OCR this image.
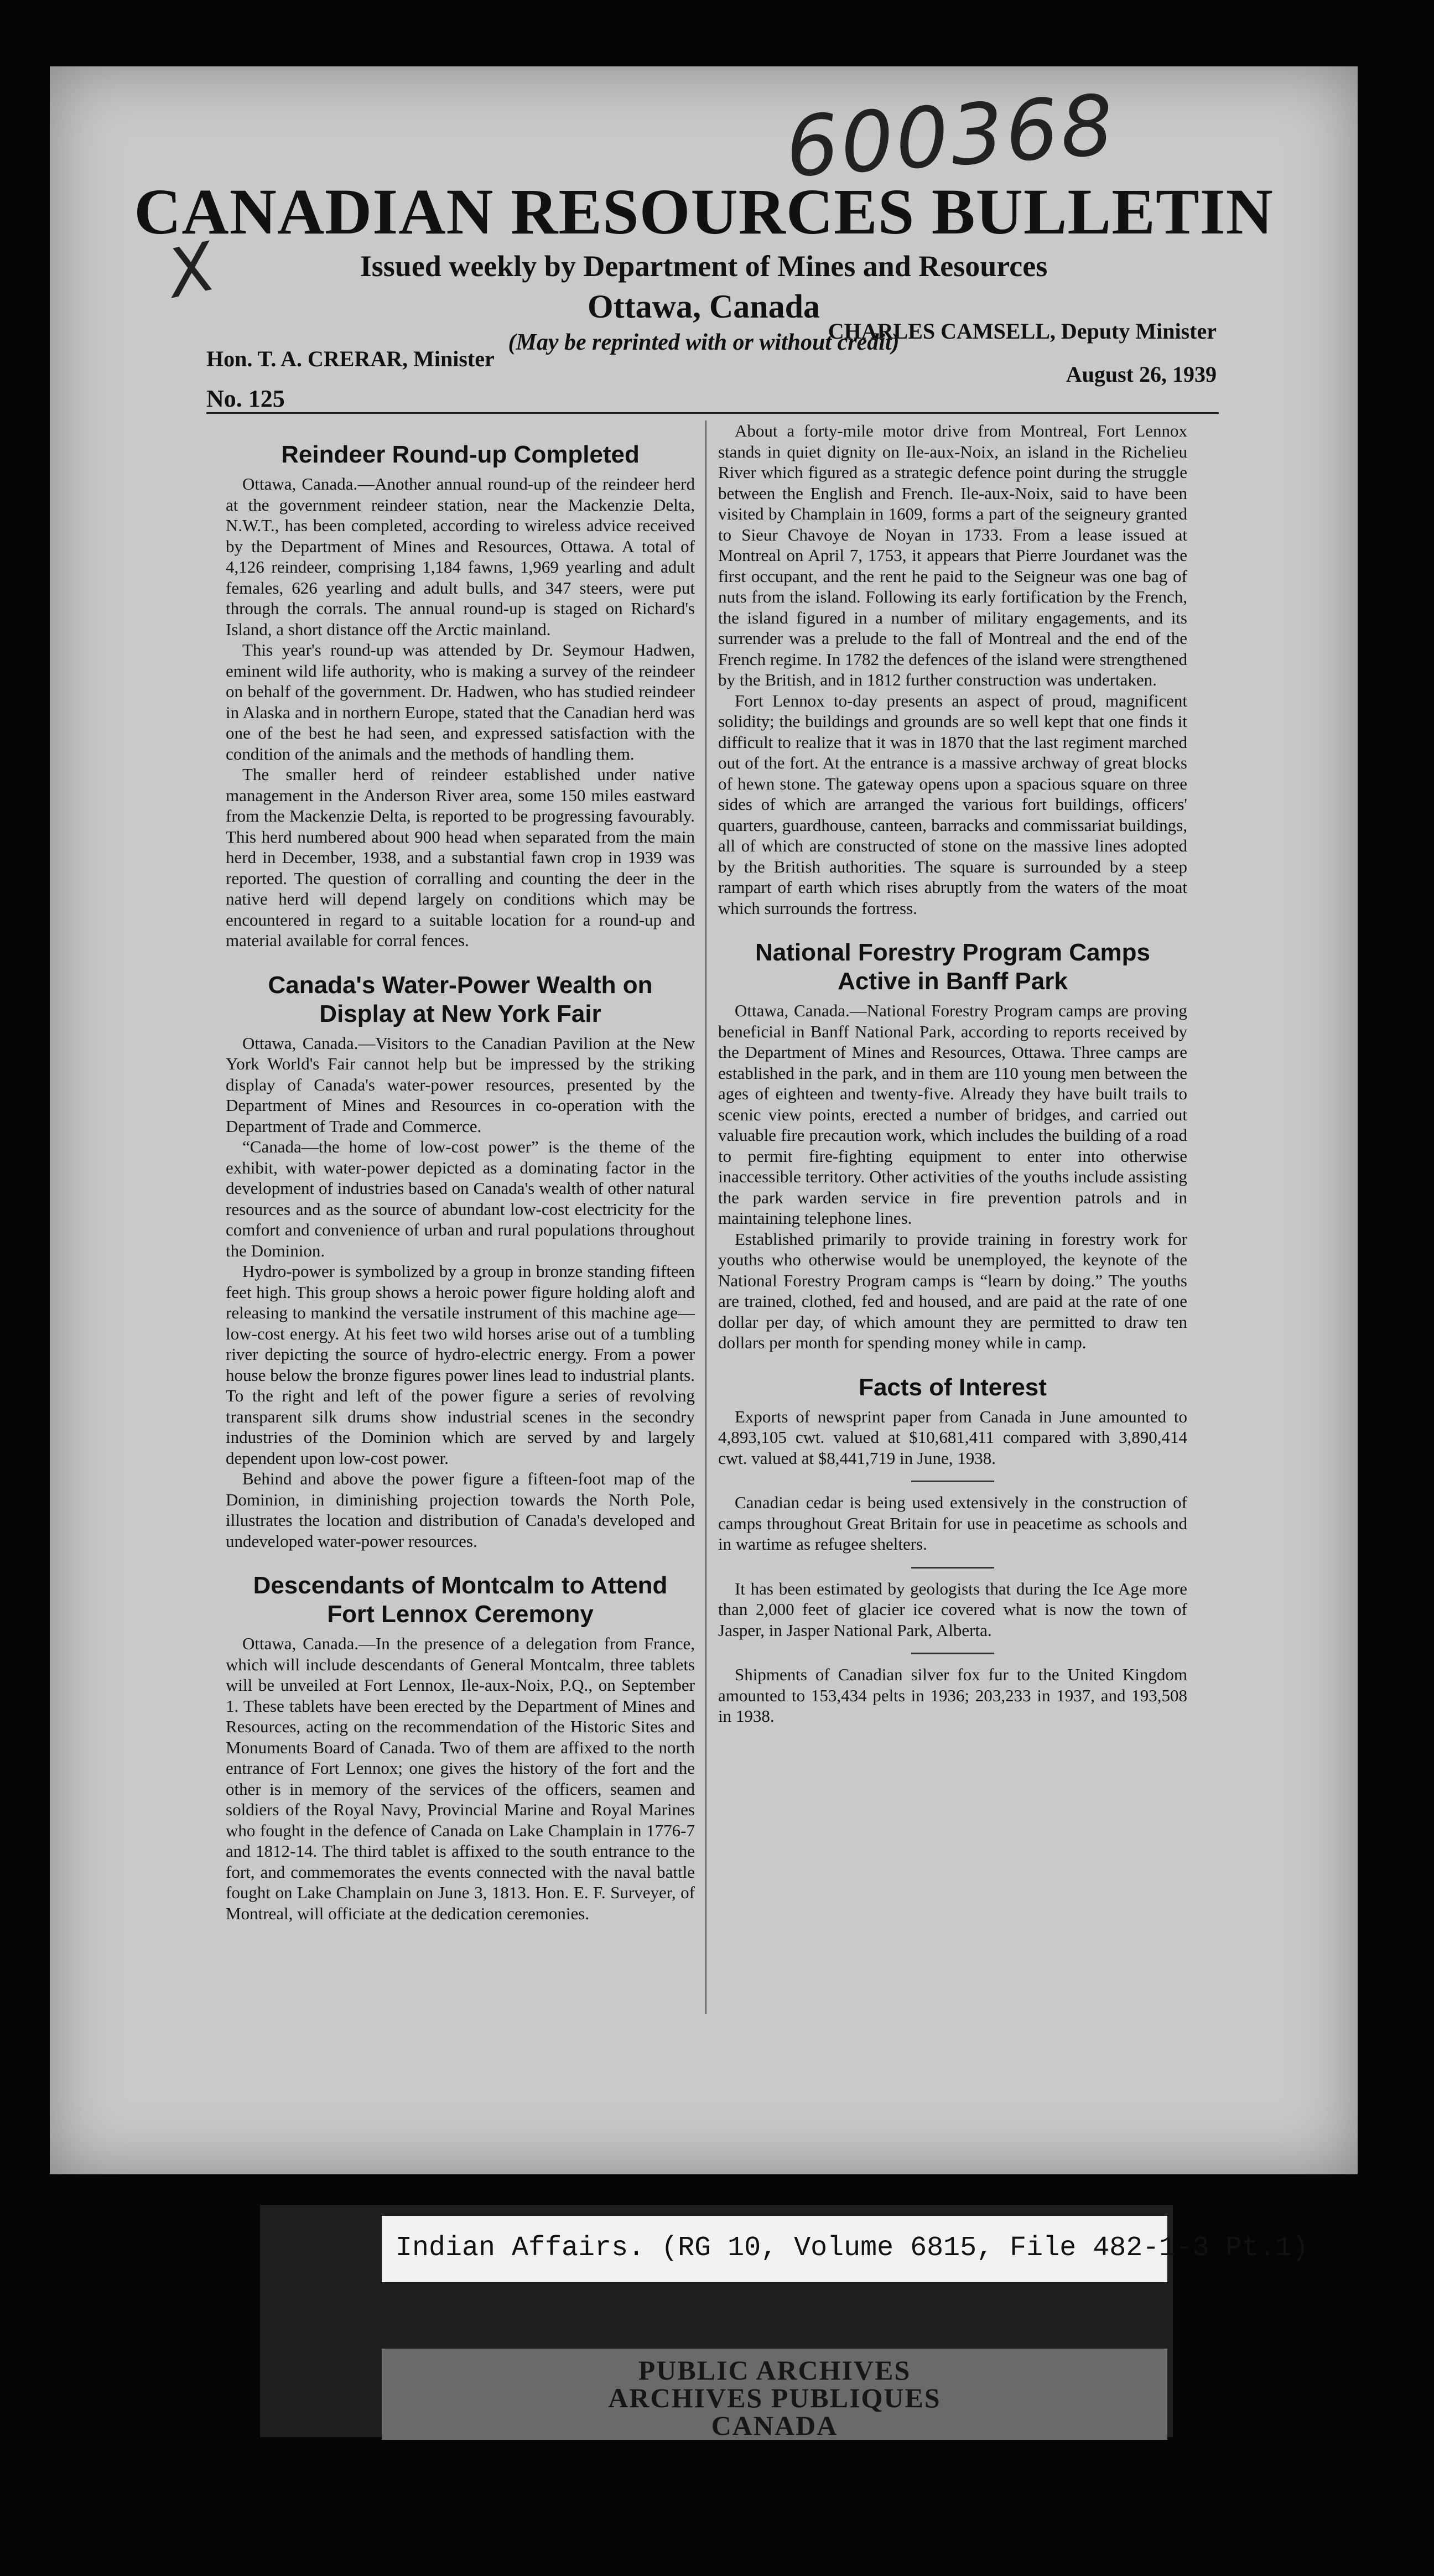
600368
X
CANADIAN RESOURCES BULLETIN
Issued weekly by Department of Mines and Resources
Ottawa, Canada
(May be reprinted with or without credit)
Hon. T. A. CRERAR, Minister
CHARLES CAMSELL, Deputy Minister
No. 125
August 26, 1939
Reindeer Round-up Completed

Ottawa, Canada.—Another annual round-up of the reindeer herd at the government reindeer station, near the Mackenzie Delta, N.W.T., has been completed, according to wireless advice received by the Department of Mines and Resources, Ottawa. A total of 4,126 reindeer, comprising 1,184 fawns, 1,969 yearling and adult females, 626 yearling and adult bulls, and 347 steers, were put through the corrals. The annual round-up is staged on Richard's Island, a short distance off the Arctic mainland.

This year's round-up was attended by Dr. Seymour Hadwen, eminent wild life authority, who is making a survey of the reindeer on behalf of the government. Dr. Hadwen, who has studied reindeer in Alaska and in northern Europe, stated that the Canadian herd was one of the best he had seen, and expressed satisfaction with the condition of the animals and the methods of handling them.

The smaller herd of reindeer established under native management in the Anderson River area, some 150 miles eastward from the Mackenzie Delta, is reported to be progressing favourably. This herd numbered about 900 head when separated from the main herd in December, 1938, and a substantial fawn crop in 1939 was reported. The question of corralling and counting the deer in the native herd will depend largely on conditions which may be encountered in regard to a suitable location for a round-up and material available for corral fences.

Canada's Water-Power Wealth on
Display at New York Fair

Ottawa, Canada.—Visitors to the Canadian Pavilion at the New York World's Fair cannot help but be impressed by the striking display of Canada's water-power resources, presented by the Department of Mines and Resources in co-operation with the Department of Trade and Commerce.

“Canada—the home of low-cost power” is the theme of the exhibit, with water-power depicted as a dominating factor in the development of industries based on Canada's wealth of other natural resources and as the source of abundant low-cost electricity for the comfort and convenience of urban and rural populations throughout the Dominion.

Hydro-power is symbolized by a group in bronze standing fifteen feet high. This group shows a heroic power figure holding aloft and releasing to mankind the versatile instrument of this machine age—low-cost energy. At his feet two wild horses arise out of a tumbling river depicting the source of hydro-electric energy. From a power house below the bronze figures power lines lead to industrial plants. To the right and left of the power figure a series of revolving transparent silk drums show industrial scenes in the secondry industries of the Dominion which are served by and largely dependent upon low-cost power.

Behind and above the power figure a fifteen-foot map of the Dominion, in diminishing projection towards the North Pole, illustrates the location and distribution of Canada's developed and undeveloped water-power resources.

Descendants of Montcalm to Attend
Fort Lennox Ceremony

Ottawa, Canada.—In the presence of a delegation from France, which will include descendants of General Montcalm, three tablets will be unveiled at Fort Lennox, Ile-aux-Noix, P.Q., on September 1. These tablets have been erected by the Department of Mines and Resources, acting on the recommendation of the Historic Sites and Monuments Board of Canada. Two of them are affixed to the north entrance of Fort Lennox; one gives the history of the fort and the other is in memory of the services of the officers, seamen and soldiers of the Royal Navy, Provincial Marine and Royal Marines who fought in the defence of Canada on Lake Champlain in 1776-7 and 1812-14. The third tablet is affixed to the south entrance to the fort, and commemorates the events connected with the naval battle fought on Lake Champlain on June 3, 1813. Hon. E. F. Surveyer, of Montreal, will officiate at the dedication ceremonies.

About a forty-mile motor drive from Montreal, Fort Lennox stands in quiet dignity on Ile-aux-Noix, an island in the Richelieu River which figured as a strategic defence point during the struggle between the English and French. Ile-aux-Noix, said to have been visited by Champlain in 1609, forms a part of the seigneury granted to Sieur Chavoye de Noyan in 1733. From a lease issued at Montreal on April 7, 1753, it appears that Pierre Jourdanet was the first occupant, and the rent he paid to the Seigneur was one bag of nuts from the island. Following its early fortification by the French, the island figured in a number of military engagements, and its surrender was a prelude to the fall of Montreal and the end of the French regime. In 1782 the defences of the island were strengthened by the British, and in 1812 further construction was undertaken.

Fort Lennox to-day presents an aspect of proud, magnificent solidity; the buildings and grounds are so well kept that one finds it difficult to realize that it was in 1870 that the last regiment marched out of the fort. At the entrance is a massive archway of great blocks of hewn stone. The gateway opens upon a spacious square on three sides of which are arranged the various fort buildings, officers' quarters, guardhouse, canteen, barracks and commissariat buildings, all of which are constructed of stone on the massive lines adopted by the British authorities. The square is surrounded by a steep rampart of earth which rises abruptly from the waters of the moat which surrounds the fortress.

National Forestry Program Camps
Active in Banff Park

Ottawa, Canada.—National Forestry Program camps are proving beneficial in Banff National Park, according to reports received by the Department of Mines and Resources, Ottawa. Three camps are established in the park, and in them are 110 young men between the ages of eighteen and twenty-five. Already they have built trails to scenic view points, erected a number of bridges, and carried out valuable fire precaution work, which includes the building of a road to permit fire-fighting equipment to enter into otherwise inaccessible territory. Other activities of the youths include assisting the park warden service in fire prevention patrols and in maintaining telephone lines.

Established primarily to provide training in forestry work for youths who otherwise would be unemployed, the keynote of the National Forestry Program camps is “learn by doing.” The youths are trained, clothed, fed and housed, and are paid at the rate of one dollar per day, of which amount they are permitted to draw ten dollars per month for spending money while in camp.

Facts of Interest

Exports of newsprint paper from Canada in June amounted to 4,893,105 cwt. valued at $10,681,411 compared with 3,890,414 cwt. valued at $8,441,719 in June, 1938.

Canadian cedar is being used extensively in the construction of camps throughout Great Britain for use in peacetime as schools and in wartime as refugee shelters.

It has been estimated by geologists that during the Ice Age more than 2,000 feet of glacier ice covered what is now the town of Jasper, in Jasper National Park, Alberta.

Shipments of Canadian silver fox fur to the United Kingdom amounted to 153,434 pelts in 1936; 203,233 in 1937, and 193,508 in 1938.

Indian Affairs. (RG 10, Volume 6815, File 482-1-3 Pt.1)
PUBLIC ARCHIVES
ARCHIVES PUBLIQUES
CANADA
